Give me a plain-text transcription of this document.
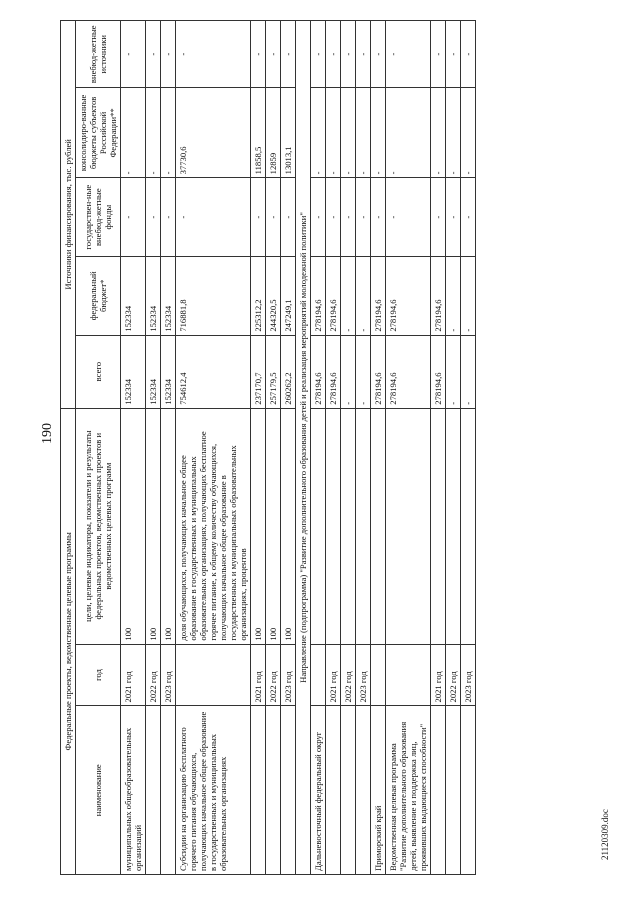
190
21120309.doc
Федеральные проекты, ведомственные целевые программы			Источники финансирования, тыс. рублей				
наименование	год	цели, целевые индикаторы, показатели и результаты федеральных проектов, ведомственных проектов и ведомственных целевых программ	всего	федеральный бюджет*	государствен-ные внебюд-жетные фонды	консолидиро-ванные бюджеты субъектов Российской Федерации**	внебюд-жетные источники
муниципальных общеобразовательных организаций	2021 год	100	152334	152334	-	-	-
	2022 год	100	152334	152334	-	-	-
	2023 год	100	152334	152334	-	-	-
Субсидии на организацию бесплатного горячего питания обучающихся, получающих начальное общее образование в государственных и муниципальных образовательных организациях		доля обучающихся, получающих начальное общее образование в государственных и муниципальных образовательных организациях, получающих бесплатное горячее питание, к общему количеству обучающихся, получающих начальное общее образование в государственных и муниципальных образовательных организациях, процентов	754612,4	716881,8	-	37730,6	-
	2021 год	100	237170,7	225312,2	-	11858,5	-
	2022 год	100	257179,5	244320,5	-	12859	-
	2023 год	100	260262,2	247249,1	-	13013,1	-
Направление (подпрограмма) "Развитие дополнительного образования детей и реализация мероприятий молодежной политики"							
Дальневосточный федеральный округ			278194,6	278194,6	-	-	-
	2021 год		278194,6	278194,6	-	-	-
	2022 год		-	-	-	-	-
	2023 год		-	-	-	-	-
Приморский край			278194,6	278194,6	-	-	-
Ведомственная целевая программа "Развитие дополнительного образования детей, выявление и поддержка лиц, проявивших выдающиеся способности"			278194,6	278194,6	-	-	-
	2021 год		278194,6	278194,6	-	-	-
	2022 год		-	-	-	-	-
	2023 год		-	-	-	-	-
